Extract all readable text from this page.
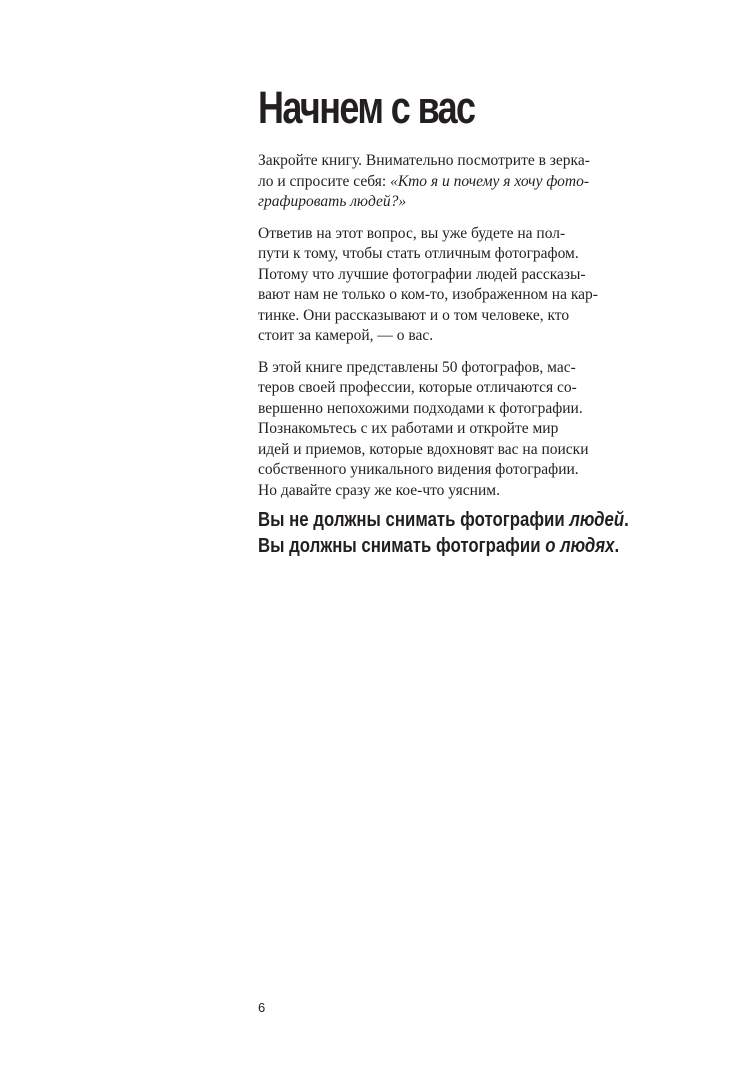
Начнем с вас

Закройте книгу. Внимательно посмотрите в зерка-
ло и спросите себя: «Кто я и почему я хочу фото-
графировать людей?»

Ответив на этот вопрос, вы уже будете на пол-
пути к тому, чтобы стать отличным фотографом.
Потому что лучшие фотографии людей рассказы-
вают нам не только о ком-то, изображенном на кар-
тинке. Они рассказывают и о том человеке, кто
стоит за камерой, — о вас.

В этой книге представлены 50 фотографов, мас-
теров своей профессии, которые отличаются со-
вершенно непохожими подходами к фотографии.
Познакомьтесь с их работами и откройте мир
идей и приемов, которые вдохновят вас на поиски
собственного уникального видения фотографии.
Но давайте сразу же кое-что уясним.

Вы не должны снимать фотографии людей.
Вы должны снимать фотографии о людях.
6
